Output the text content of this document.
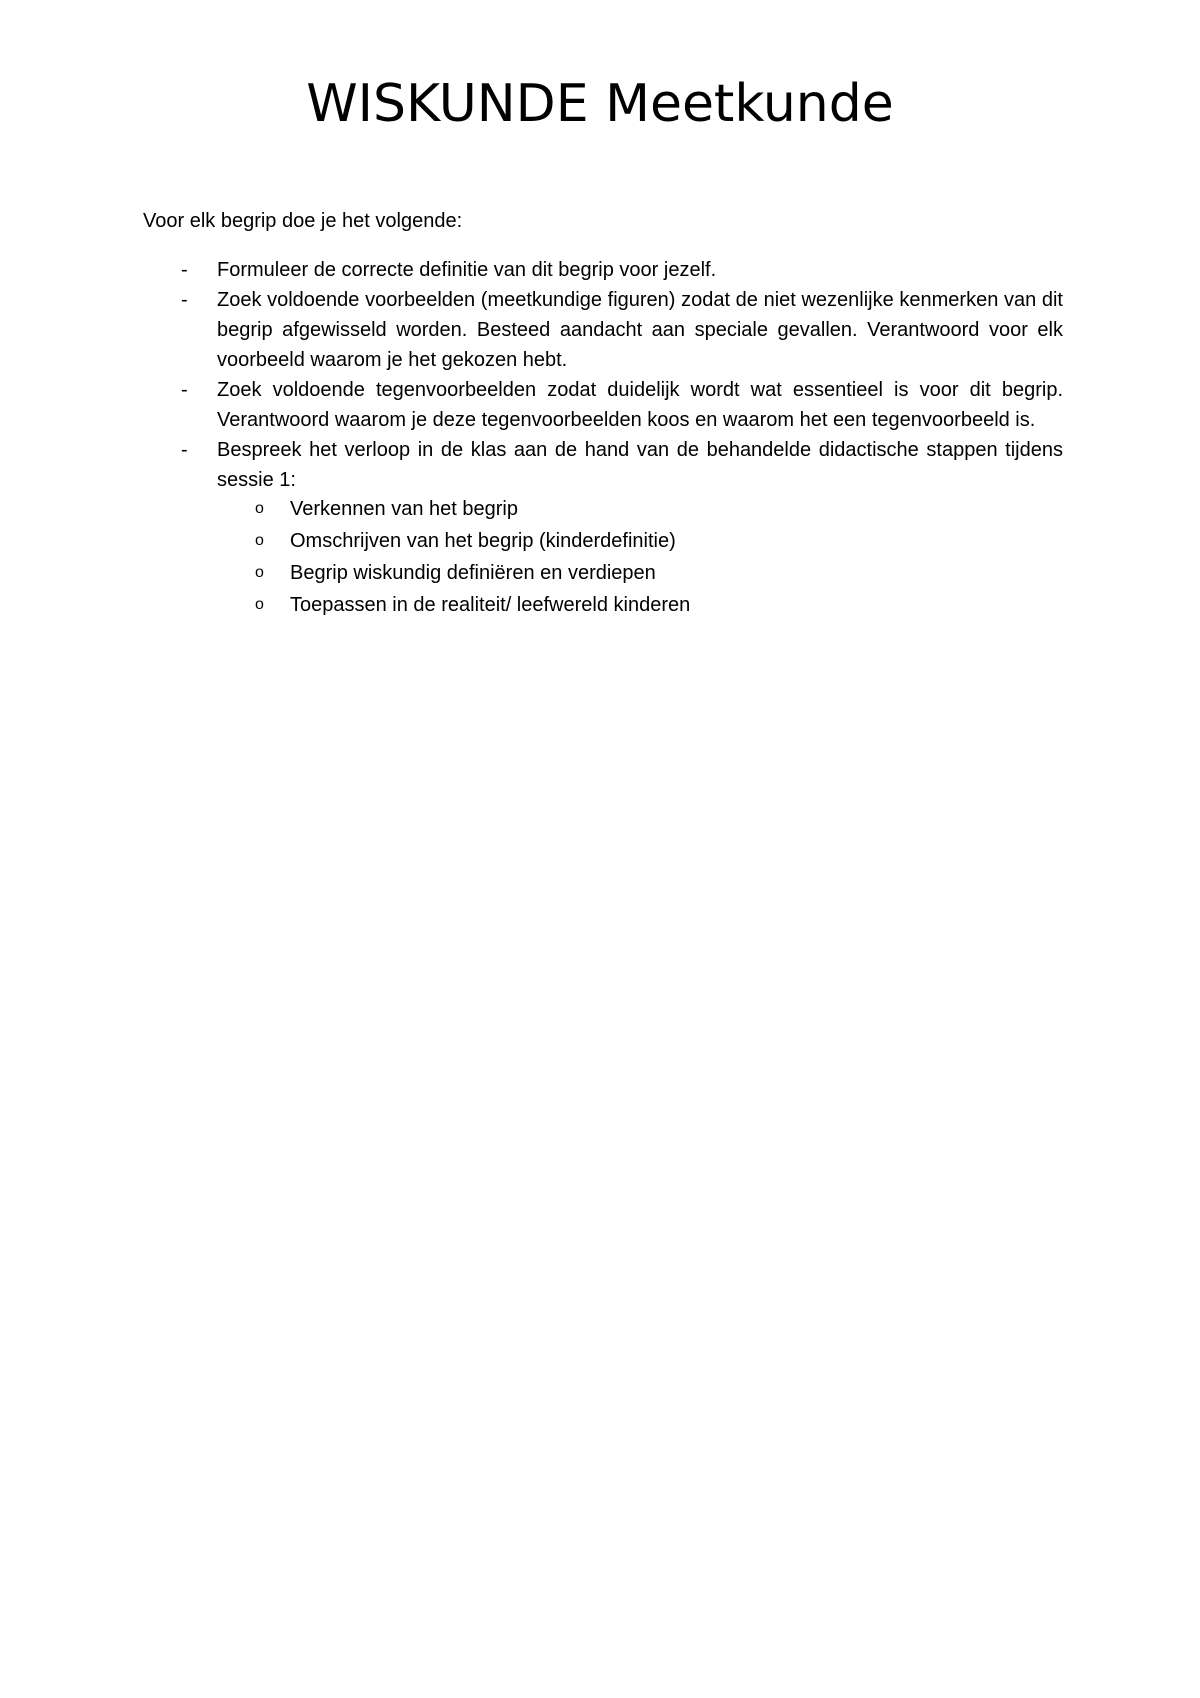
WISKUNDE Meetkunde

Voor elk begrip doe je het volgende:

- Formuleer de correcte definitie van dit begrip voor jezelf.
- Zoek voldoende voorbeelden (meetkundige figuren) zodat de niet wezenlijke kenmerken van dit begrip afgewisseld worden. Besteed aandacht aan speciale gevallen. Verantwoord voor elk voorbeeld waarom je het gekozen hebt.
- Zoek voldoende tegenvoorbeelden zodat duidelijk wordt wat essentieel is voor dit begrip. Verantwoord waarom je deze tegenvoorbeelden koos en waarom het een tegenvoorbeeld is.
- Bespreek het verloop in de klas aan de hand van de behandelde didactische stappen tijdens sessie 1:
o Verkennen van het begrip
o Omschrijven van het begrip (kinderdefinitie)
o Begrip wiskundig definiëren en verdiepen
o Toepassen in de realiteit/ leefwereld kinderen
